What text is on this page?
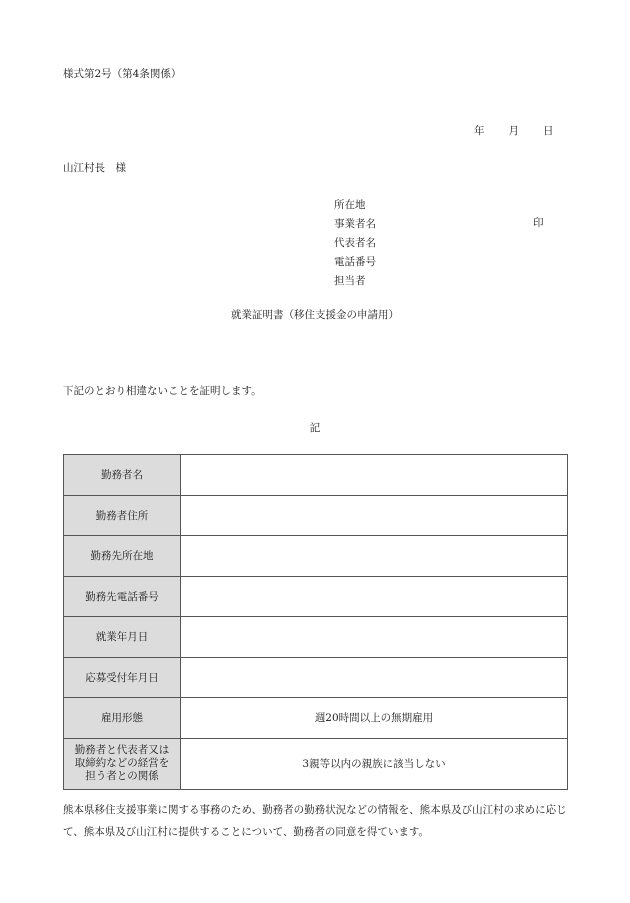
様式第2号（第4条関係）
年 月 日
山江村長　様
所在地
事業者名
代表者名
電話番号
担当者
印
就業証明書（移住支援金の申請用）
下記のとおり相違ないことを証明します。
記
勤務者名	
勤務者住所	
勤務先所在地	
勤務先電話番号	
就業年月日	
応募受付年月日	
雇用形態	週20時間以上の無期雇用

勤務者と代表者又は
取締約などの経営を
担う者との関係	3親等以内の親族に該当しない
熊本県移住支援事業に関する事務のため、勤務者の勤務状況などの情報を、熊本県及び山江村の求めに応じて、熊本県及び山江村に提供することについて、勤務者の同意を得ています。
